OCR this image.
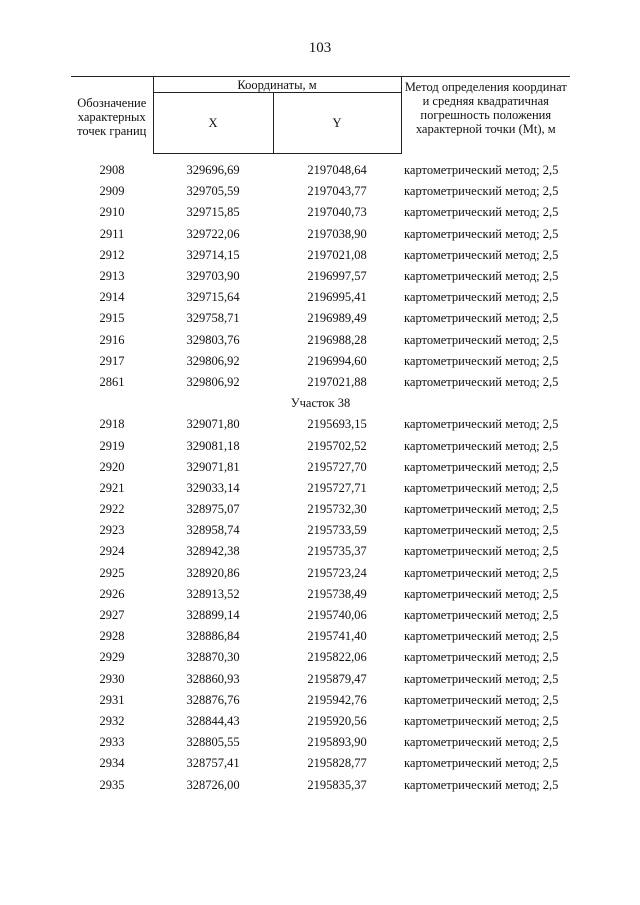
103
Обозначение характерных точек границ	Координаты, м		Метод определения координат и средняя квадратичная погрешность положения характерной точки (Мt), м
	X	Y	

2908	329696,69	2197048,64	картометрический метод; 2,5
2909	329705,59	2197043,77	картометрический метод; 2,5
2910	329715,85	2197040,73	картометрический метод; 2,5
2911	329722,06	2197038,90	картометрический метод; 2,5
2912	329714,15	2197021,08	картометрический метод; 2,5
2913	329703,90	2196997,57	картометрический метод; 2,5
2914	329715,64	2196995,41	картометрический метод; 2,5
2915	329758,71	2196989,49	картометрический метод; 2,5
2916	329803,76	2196988,28	картометрический метод; 2,5
2917	329806,92	2196994,60	картометрический метод; 2,5
2861	329806,92	2197021,88	картометрический метод; 2,5
Участок 38			
2918	329071,80	2195693,15	картометрический метод; 2,5
2919	329081,18	2195702,52	картометрический метод; 2,5
2920	329071,81	2195727,70	картометрический метод; 2,5
2921	329033,14	2195727,71	картометрический метод; 2,5
2922	328975,07	2195732,30	картометрический метод; 2,5
2923	328958,74	2195733,59	картометрический метод; 2,5
2924	328942,38	2195735,37	картометрический метод; 2,5
2925	328920,86	2195723,24	картометрический метод; 2,5
2926	328913,52	2195738,49	картометрический метод; 2,5
2927	328899,14	2195740,06	картометрический метод; 2,5
2928	328886,84	2195741,40	картометрический метод; 2,5
2929	328870,30	2195822,06	картометрический метод; 2,5
2930	328860,93	2195879,47	картометрический метод; 2,5
2931	328876,76	2195942,76	картометрический метод; 2,5
2932	328844,43	2195920,56	картометрический метод; 2,5
2933	328805,55	2195893,90	картометрический метод; 2,5
2934	328757,41	2195828,77	картометрический метод; 2,5
2935	328726,00	2195835,37	картометрический метод; 2,5
